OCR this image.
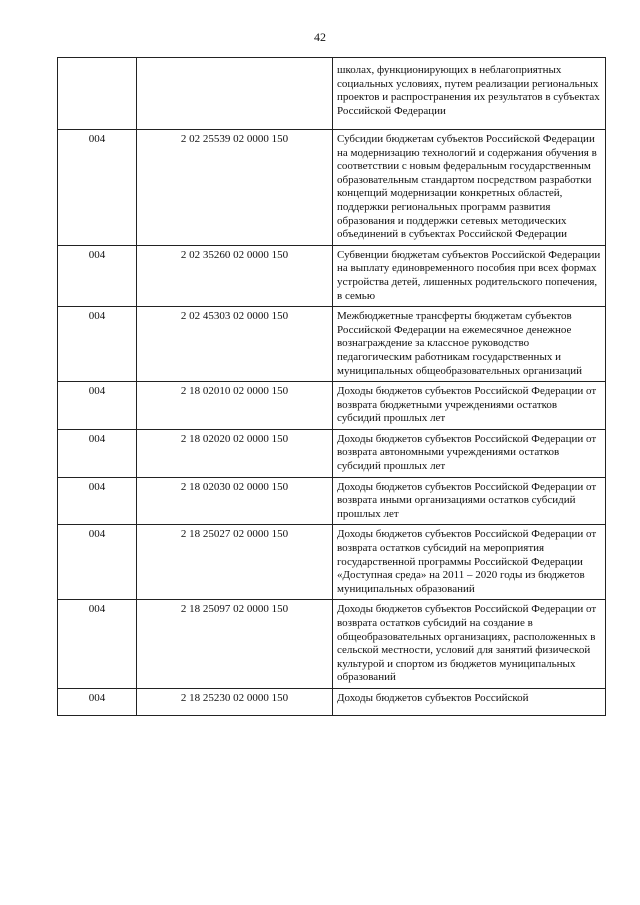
42
		школах, функционирующих в неблагоприятных социальных условиях, путем реализации региональных проектов и распространения их результатов в субъектах Российской Федерации
004	2 02 25539 02 0000 150	Субсидии бюджетам субъектов Российской Федерации на модернизацию технологий и содержания обучения в соответствии с новым федеральным государственным образовательным стандартом посредством разработки концепций модернизации конкретных областей, поддержки региональных программ развития образования и поддержки сетевых методических объединений в субъектах Российской Федерации
004	2 02 35260 02 0000 150	Субвенции бюджетам субъектов Российской Федерации на выплату единовременного пособия при всех формах устройства детей, лишенных родительского попечения, в семью
004	2 02 45303 02 0000 150	Межбюджетные трансферты бюджетам субъектов Российской Федерации на ежемесячное денежное вознаграждение за классное руководство педагогическим работникам государственных и муниципальных общеобразовательных организаций
004	2 18 02010 02 0000 150	Доходы бюджетов субъектов Российской Федерации от возврата бюджетными учреждениями остатков субсидий прошлых лет
004	2 18 02020 02 0000 150	Доходы бюджетов субъектов Российской Федерации от возврата автономными учреждениями остатков субсидий прошлых лет
004	2 18 02030 02 0000 150	Доходы бюджетов субъектов Российской Федерации от возврата иными организациями остатков субсидий прошлых лет
004	2 18 25027 02 0000 150	Доходы бюджетов субъектов Российской Федерации от возврата остатков субсидий на мероприятия государственной программы Российской Федерации «Доступная среда» на 2011 – 2020 годы из бюджетов муниципальных образований
004	2 18 25097 02 0000 150	Доходы бюджетов субъектов Российской Федерации от возврата остатков субсидий на создание в общеобразовательных организациях, расположенных в сельской местности, условий для занятий физической культурой и спортом из бюджетов муниципальных образований
004	2 18 25230 02 0000 150	Доходы бюджетов субъектов Российской
